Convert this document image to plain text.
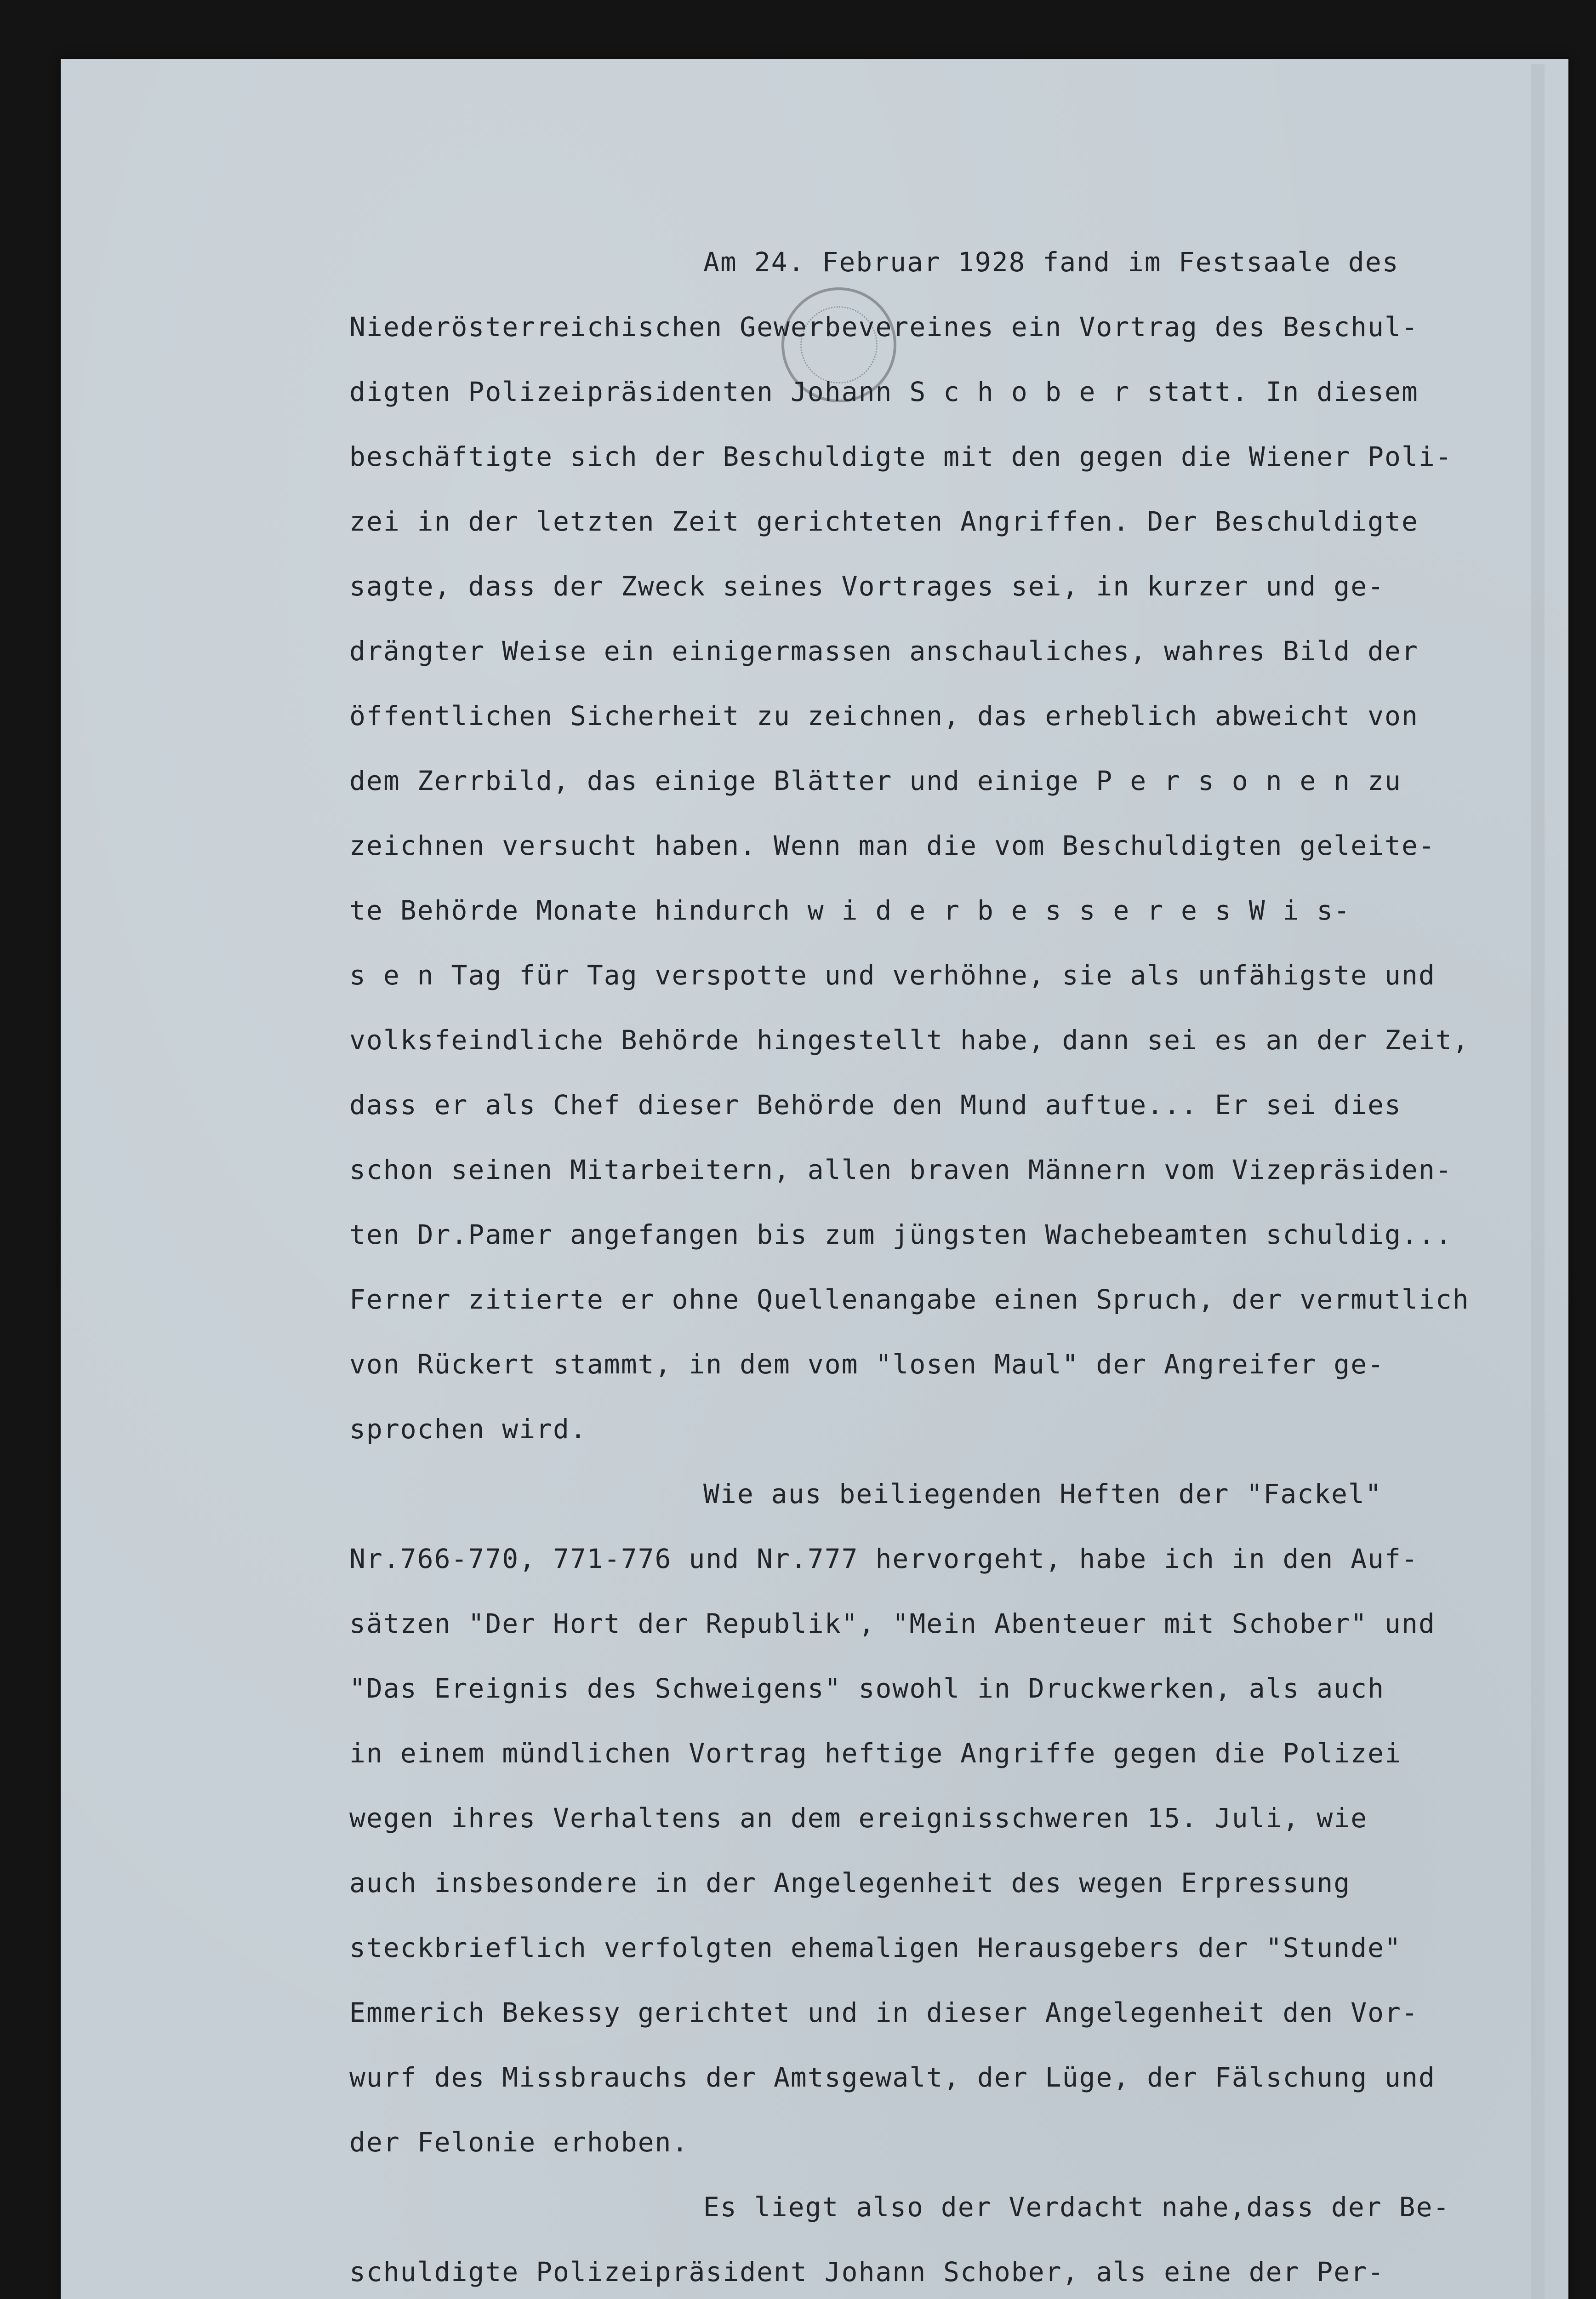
Am 24. Februar 1928 fand im Festsaale des
Niederösterreichischen Gewerbevereines ein Vortrag des Beschul-
digten Polizeipräsidenten Johann S c h o b e r statt. In diesem
beschäftigte sich der Beschuldigte mit den gegen die Wiener Poli-
zei in der letzten Zeit gerichteten Angriffen. Der Beschuldigte
sagte, dass der Zweck seines Vortrages sei, in kurzer und ge-
drängter Weise ein einigermassen anschauliches, wahres Bild der
öffentlichen Sicherheit zu zeichnen, das erheblich abweicht von
dem Zerrbild, das einige Blätter und einige P e r s o n e n zu
zeichnen versucht haben. Wenn man die vom Beschuldigten geleite-
te Behörde Monate hindurch w i d e r b e s s e r e s W i s-
s e n Tag für Tag verspotte und verhöhne, sie als unfähigste und
volksfeindliche Behörde hingestellt habe, dann sei es an der Zeit,
dass er als Chef dieser Behörde den Mund auftue... Er sei dies
schon seinen Mitarbeitern, allen braven Männern vom Vizepräsiden-
ten Dr.Pamer angefangen bis zum jüngsten Wachebeamten schuldig...
Ferner zitierte er ohne Quellenangabe einen Spruch, der vermutlich
von Rückert stammt, in dem vom "losen Maul" der Angreifer ge-
sprochen wird.
Wie aus beiliegenden Heften der "Fackel"
Nr.766-770, 771-776 und Nr.777 hervorgeht, habe ich in den Auf-
sätzen "Der Hort der Republik", "Mein Abenteuer mit Schober" und
"Das Ereignis des Schweigens" sowohl in Druckwerken, als auch
in einem mündlichen Vortrag heftige Angriffe gegen die Polizei
wegen ihres Verhaltens an dem ereignisschweren 15. Juli, wie
auch insbesondere in der Angelegenheit des wegen Erpressung
steckbrieflich verfolgten ehemaligen Herausgebers der "Stunde"
Emmerich Bekessy gerichtet und in dieser Angelegenheit den Vor-
wurf des Missbrauchs der Amtsgewalt, der Lüge, der Fälschung und
der Felonie erhoben.
Es liegt also der Verdacht nahe,dass der Be-
schuldigte Polizeipräsident Johann Schober, als eine der Per-
